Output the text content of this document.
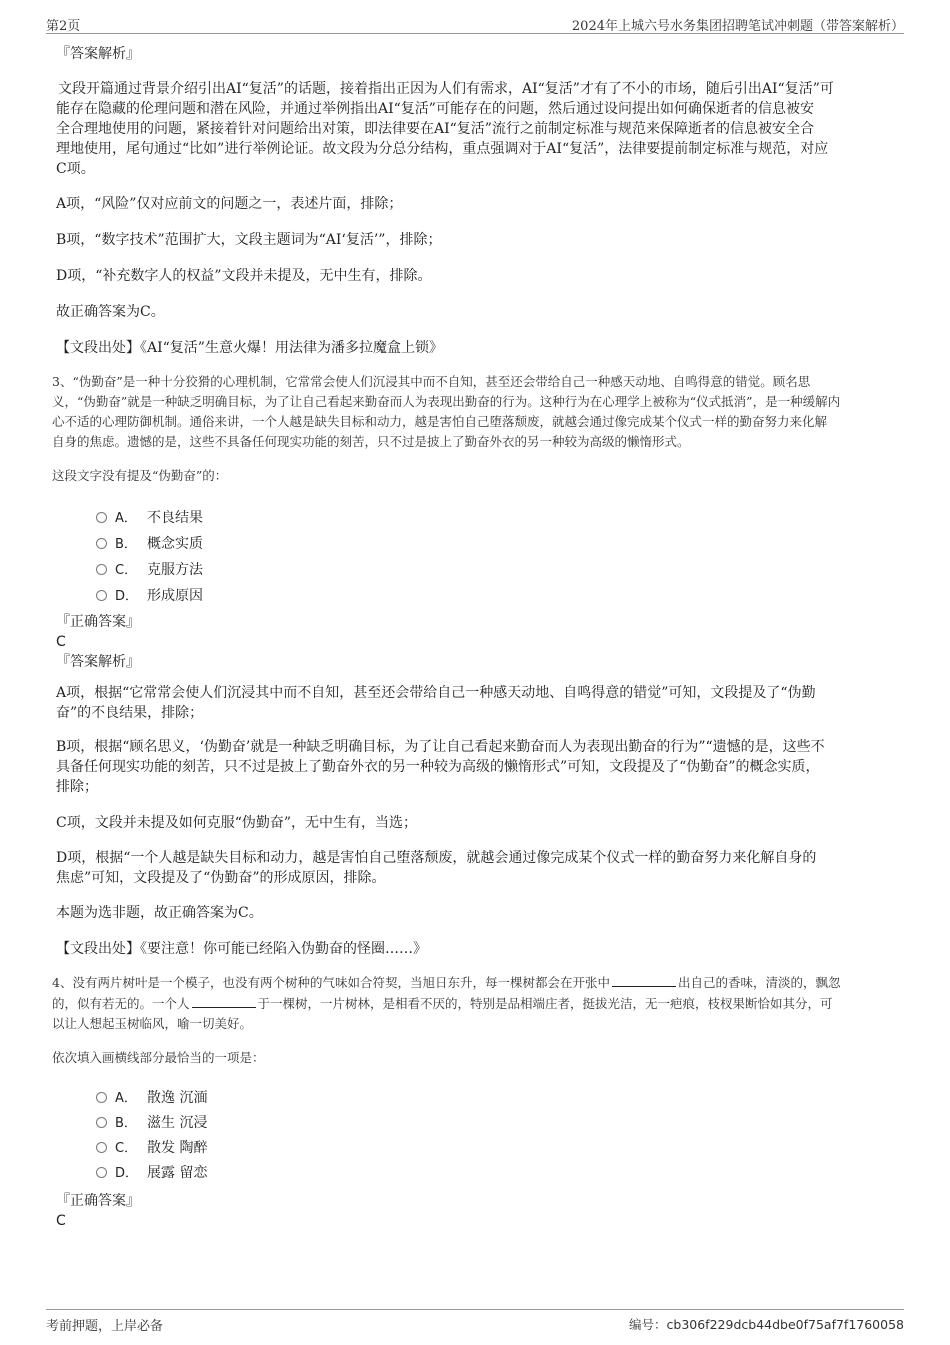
第2页	2024年上城六号水务集团招聘笔试冲刺题（带答案解析）

『答案解析』

文段开篇通过背景介绍引出AI“复活”的话题，接着指出正因为人们有需求，AI“复活”才有了不小的市场，随后引出AI“复活”可

能存在隐藏的伦理问题和潜在风险，并通过举例指出AI“复活”可能存在的问题，然后通过设问提出如何确保逝者的信息被安

全合理地使用的问题，紧接着针对问题给出对策，即法律要在AI“复活”流行之前制定标准与规范来保障逝者的信息被安全合

理地使用，尾句通过“比如”进行举例论证。故文段为分总分结构，重点强调对于AI“复活”，法律要提前制定标准与规范，对应

C项。

A项，“风险”仅对应前文的问题之一，表述片面，排除；

B项，“数字技术”范围扩大，文段主题词为“AI‘复活’”，排除；

D项，“补充数字人的权益”文段并未提及，无中生有，排除。

故正确答案为C。

【文段出处】《AI“复活”生意火爆！用法律为潘多拉魔盒上锁》

3、“伪勤奋”是一种十分狡猾的心理机制，它常常会使人们沉浸其中而不自知，甚至还会带给自己一种感天动地、自鸣得意的错觉。顾名思

义，“伪勤奋”就是一种缺乏明确目标，为了让自己看起来勤奋而人为表现出勤奋的行为。这种行为在心理学上被称为“仪式抵消”，是一种缓解内

心不适的心理防御机制。通俗来讲，一个人越是缺失目标和动力，越是害怕自己堕落颓废，就越会通过像完成某个仪式一样的勤奋努力来化解

自身的焦虑。遗憾的是，这些不具备任何现实功能的刻苦，只不过是披上了勤奋外衣的另一种较为高级的懒惰形式。

这段文字没有提及“伪勤奋”的：

A． 不良结果
B． 概念实质
C． 克服方法
D． 形成原因

『正确答案』

C

『答案解析』

A项，根据“它常常会使人们沉浸其中而不自知，甚至还会带给自己一种感天动地、自鸣得意的错觉”可知，文段提及了“伪勤

奋”的不良结果，排除；

B项，根据“顾名思义，‘伪勤奋’就是一种缺乏明确目标，为了让自己看起来勤奋而人为表现出勤奋的行为”“遗憾的是，这些不

具备任何现实功能的刻苦，只不过是披上了勤奋外衣的另一种较为高级的懒惰形式”可知，文段提及了“伪勤奋”的概念实质，

排除；

C项，文段并未提及如何克服“伪勤奋”，无中生有，当选；

D项，根据“一个人越是缺失目标和动力，越是害怕自己堕落颓废，就越会通过像完成某个仪式一样的勤奋努力来化解自身的

焦虑”可知，文段提及了“伪勤奋”的形成原因，排除。

本题为选非题，故正确答案为C。

【文段出处】《要注意！你可能已经陷入伪勤奋的怪圈……》

4、没有两片树叶是一个模子，也没有两个树种的气味如合符契，当旭日东升，每一棵树都会在开张中	出自己的香味，清淡的，飘忽

的，似有若无的。一个人	于一棵树，一片树林，是相看不厌的，特别是品相端庄者，挺拔光洁，无一疤痕，枝杈果断恰如其分，可

以让人想起玉树临风，喻一切美好。

依次填入画横线部分最恰当的一项是：

A． 散逸 沉湎
B． 滋生 沉浸
C． 散发 陶醉
D． 展露 留恋

『正确答案』

C

考前押题，上岸必备	编号：cb306f229dcb44dbe0f75af7f1760058
